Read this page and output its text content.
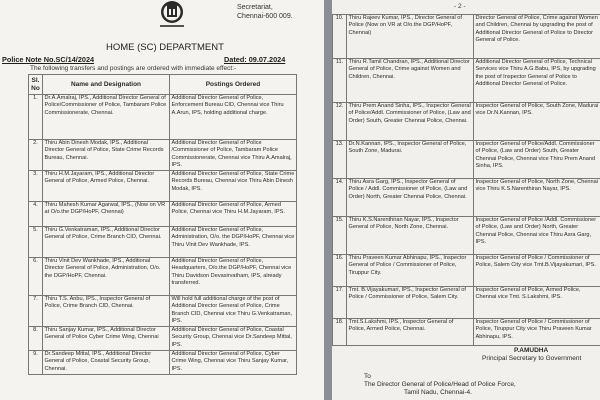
Secretariat,
Chennai-600 009.
HOME (SC) DEPARTMENT
Police Note No.SC/14/2024	Dated: 09.07.2024
The following transfers and postings are ordered with immediate effect:-
Sl. No	Name and Designation	Postings Ordered
1.	Dr.A.Amalraj, IPS., Additional Director General of Police/Commissioner of Police, Tambaram Police Commissionerate, Chennai.	Additional Director General of Police, Enforcement Bureau CID, Chennai vice Thiru A.Arun, IPS, holding additional charge.
2.	Thiru Abin Dinesh Modak, IPS., Additional Director General of Police, State Crime Records Bureau, Chennai.	Additional Director General of Police /Commissioner of Police, Tambaram Police Commissionerate, Chennai vice Thiru A.Amalraj, IPS.
3.	Thiru H.M.Jayaram, IPS., Additional Director General of Police, Armed Police, Chennai.	Additional Director General of Police, State Crime Records Bureau, Chennai vice Thiru Abin Dinesh Modak, IPS.
4.	Thiru Mahesh Kumar Agarwal, IPS., (Now on VR at O/o.the DGP/HoPF, Chennai)	Additional Director General of Police, Armed Police, Chennai vice Thiru H.M.Jayaram, IPS.
5.	Thiru G.Venkatraman, IPS., Additional Director General of Police, Crime Branch CID, Chennai.	Additional Director General of Police, Administration, O/o. the DGP/HoPF, Chennai vice Thiru Vinit Dev Wankhade, IPS.
6.	Thiru Vinit Dev Wankhade, IPS., Additional Director General of Police, Administration, O/o. the DGP/HoPF, Chennai.	Additional Director General of Police, Headquarters, O/o.the DGP/HoPF, Chennai vice Thiru Davidson Devasirvatham, IPS, already transferred.
7.	Thiru T.S. Anbu, IPS., Inspector General of Police, Crime Branch CID, Chennai.	Will hold full additional charge of the post of Additional Director General of Police, Crime Branch CID, Chennai vice Thiru G.Venkatraman, IPS.
8.	Thiru Sanjay Kumar, IPS., Additional Director General of Police Cyber Crime Wing, Chennai	Additional Director General of Police, Coastal Security Group, Chennai vice Dr.Sandeep Mittal, IPS.
9.	Dr.Sandeep Mittal, IPS., Additional Director General of Police, Coastal Security Group, Chennai.	Additional Director General of Police, Cyber Crime Wing, Chennai vice Thiru Sanjay Kumar, IPS.
- 2 -
10.	Thiru Rajeev Kumar, IPS., Director General of Police (Now on VR at O/o.the DGP/HoPF, Chennai)	Director General of Police, Crime against Women and Children, Chennai by upgrading the post of Additional Director General of Police to Director General of Police.
11.	Thiru R.Tamil Chandran, IPS., Additional Director General of Police, Crime against Women and Children, Chennai.	Additional Director General of Police, Technical Services vice Thiru A.G.Babu, IPS, by upgrading the post of Inspector General of Police to Additional Director General of Police.
12.	Thiru Prem Anand Sinha, IPS., Inspector General of Police/Addl. Commissioner of Police, (Law and Order) South, Greater Chennai Police, Chennai.	Inspector General of Police, South Zone, Madurai vice Dr.N.Kannan, IPS.
13.	Dr.N.Kannan, IPS., Inspector General of Police, South Zone, Madurai.	Inspector General of Police/Addl. Commissioner of Police, (Law and Order) South, Greater Chennai Police, Chennai vice Thiru Prem Anand Sinha, IPS.
14.	Thiru Asra Garg, IPS., Inspector General of Police / Addl. Commissioner of Police, (Law and Order) North, Greater Chennai Police, Chennai.	Inspector General of Police, North Zone, Chennai vice Thiru K.S.Narenthiran Nayar, IPS.
15.	Thiru K.S.Narenthiran Nayar, IPS., Inspector General of Police, North Zone, Chennai.	Inspector General of Police /Addl. Commissioner of Police, (Law and Order) North, Greater Chennai Police, Chennai vice Thiru Asra Garg, IPS.
16.	Thiru Praveen Kumar Abhinapu, IPS., Inspector General of Police / Commissioner of Police, Tiruppur City.	Inspector General of Police / Commissioner of Police, Salem City vice Tmt.B.Vijayakumari, IPS.
17.	Tmt. B.Vijayakumari, IPS., Inspector General of Police / Commissioner of Police, Salem City.	Inspector General of Police, Armed Police, Chennai vice Tmt. S.Lakshmi, IPS.
18.	Tmt.S.Lakshmi, IPS., Inspector General of Police, Armed Police, Chennai.	Inspector General of Police / Commissioner of Police, Tiruppur City vice Thiru Praveen Kumar Abhinapu, IPS.
P.AMUDHA
Principal Secretary to Government
To
The Director General of Police/Head of Police Force,
Tamil Nadu, Chennai-4.
